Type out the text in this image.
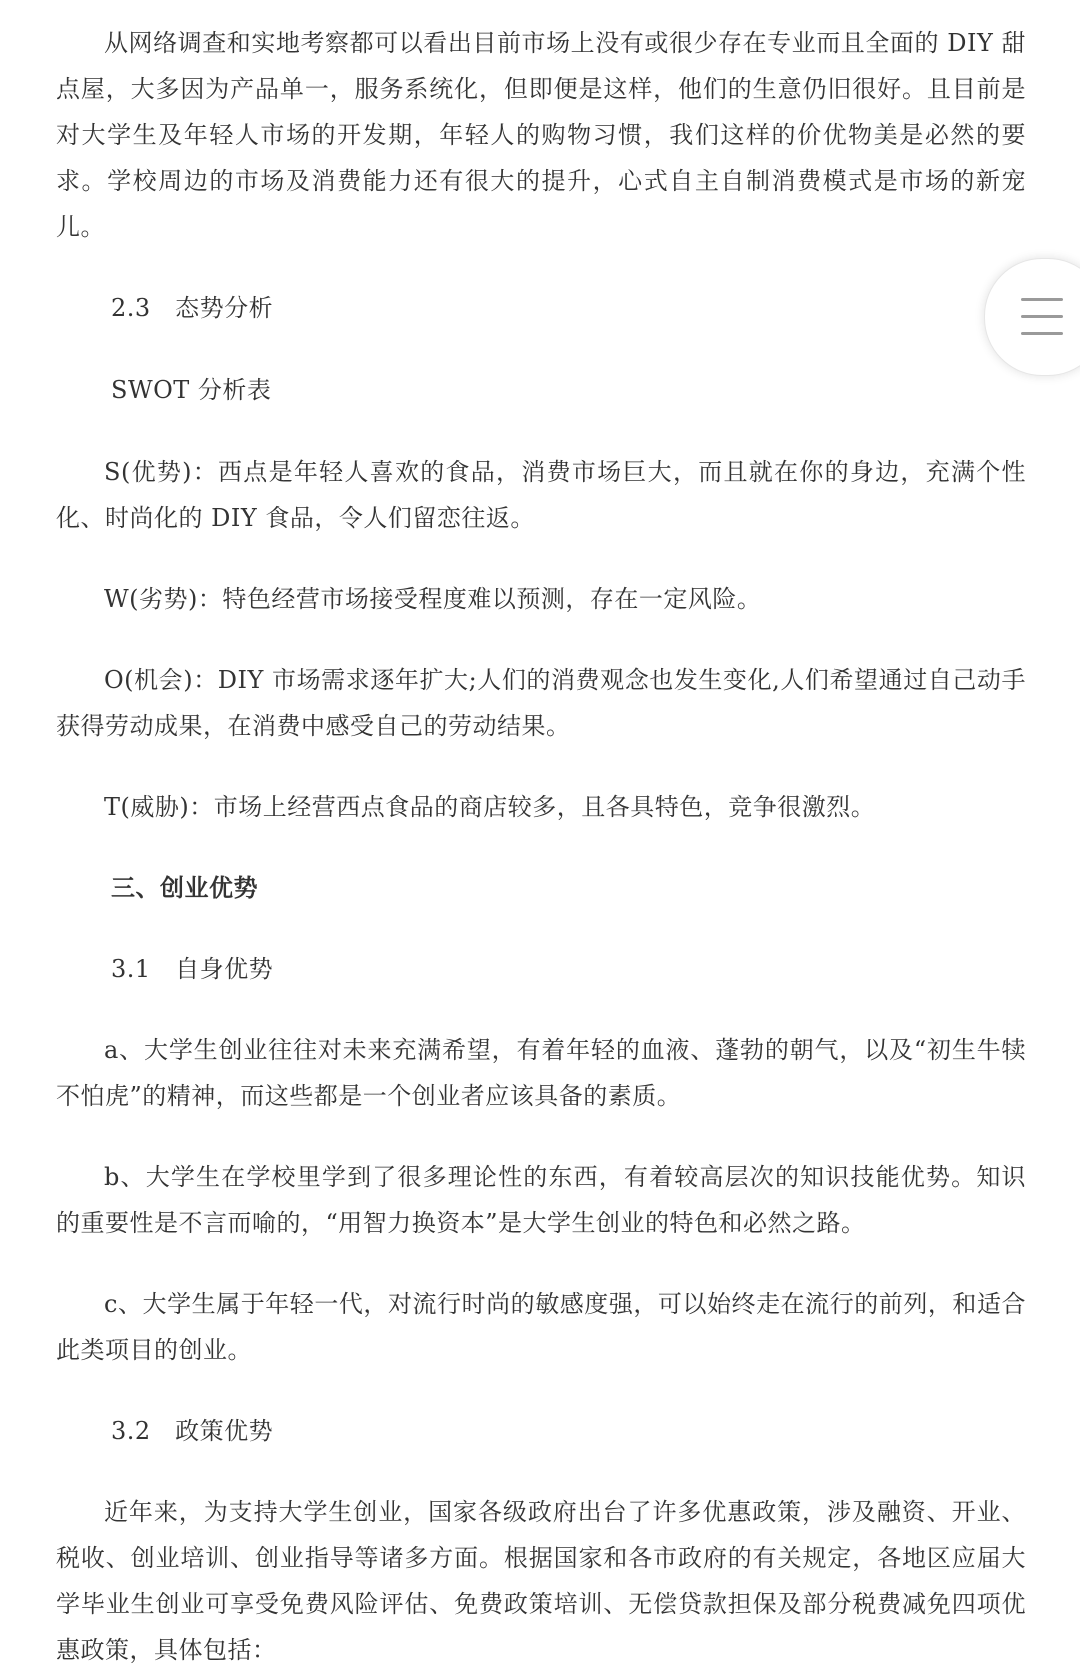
从网络调查和实地考察都可以看出目前市场上没有或很少存在专业而且全面的 DIY 甜点屋，大多因为产品单一，服务系统化，但即便是这样，他们的生意仍旧很好。且目前是对大学生及年轻人市场的开发期，年轻人的购物习惯，我们这样的价优物美是必然的要求。学校周边的市场及消费能力还有很大的提升，心式自主自制消费模式是市场的新宠儿。

2.3　态势分析

SWOT 分析表

S(优势)：西点是年轻人喜欢的食品，消费市场巨大，而且就在你的身边，充满个性化、时尚化的 DIY 食品，令人们留恋往返。

W(劣势)：特色经营市场接受程度难以预测，存在一定风险。

O(机会)：DIY 市场需求逐年扩大;人们的消费观念也发生变化,人们希望通过自己动手获得劳动成果，在消费中感受自己的劳动结果。

T(威胁)：市场上经营西点食品的商店较多，且各具特色，竞争很激烈。

三、创业优势

3.1　自身优势

a、大学生创业往往对未来充满希望，有着年轻的血液、蓬勃的朝气，以及“初生牛犊不怕虎”的精神，而这些都是一个创业者应该具备的素质。

b、大学生在学校里学到了很多理论性的东西，有着较高层次的知识技能优势。知识的重要性是不言而喻的，“用智力换资本”是大学生创业的特色和必然之路。

c、大学生属于年轻一代，对流行时尚的敏感度强，可以始终走在流行的前列，和适合此类项目的创业。

3.2　政策优势

近年来，为支持大学生创业，国家各级政府出台了许多优惠政策，涉及融资、开业、税收、创业培训、创业指导等诸多方面。根据国家和各市政府的有关规定，各地区应届大学毕业生创业可享受免费风险评估、免费政策培训、无偿贷款担保及部分税费减免四项优惠政策，具体包括：
